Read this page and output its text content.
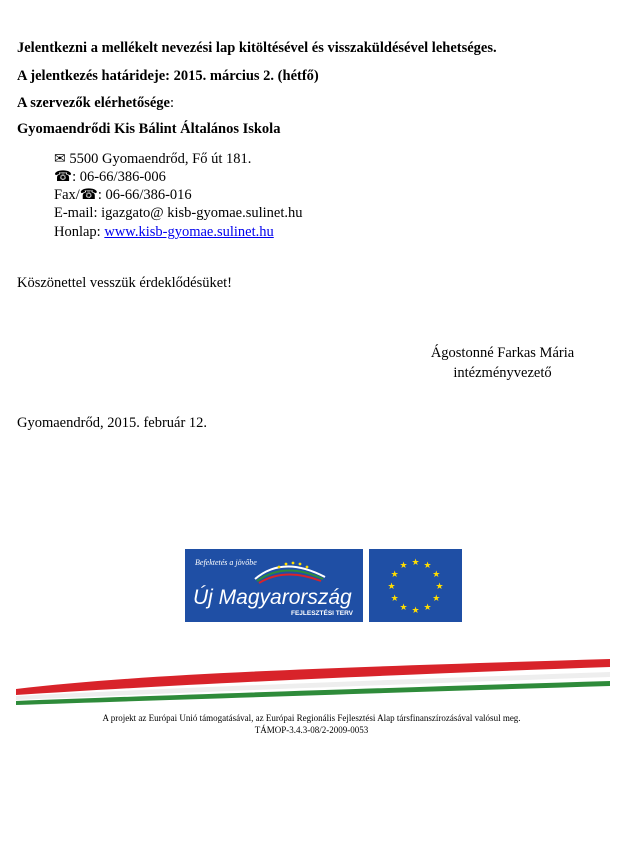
Jelentkezni a mellékelt nevezési lap kitöltésével és visszaküldésével lehetséges.
A jelentkezés határideje: 2015. március 2. (hétfő)
A szervezők elérhetősége:
Gyomaendrődi Kis Bálint Általános Iskola
✉ 5500 Gyomaendrőd, Fő út 181.
☎: 06-66/386-006
Fax/☎: 06-66/386-016
E-mail: igazgato@ kisb-gyomae.sulinet.hu
Honlap: www.kisb-gyomae.sulinet.hu
Köszönettel vesszük érdeklődésüket!
Ágostonné Farkas Mária
intézményvezető
Gyomaendrőd, 2015. február 12.
Befektetés a jövőbe
Új Magyarország
FEJLESZTÉSI TERV
★ ★
★
★
★
★
★
★
★
★
★
★
A projekt az Európai Unió támogatásával, az Európai Regionális Fejlesztési Alap társfinanszírozásával valósul meg.
TÁMOP-3.4.3-08/2-2009-0053
